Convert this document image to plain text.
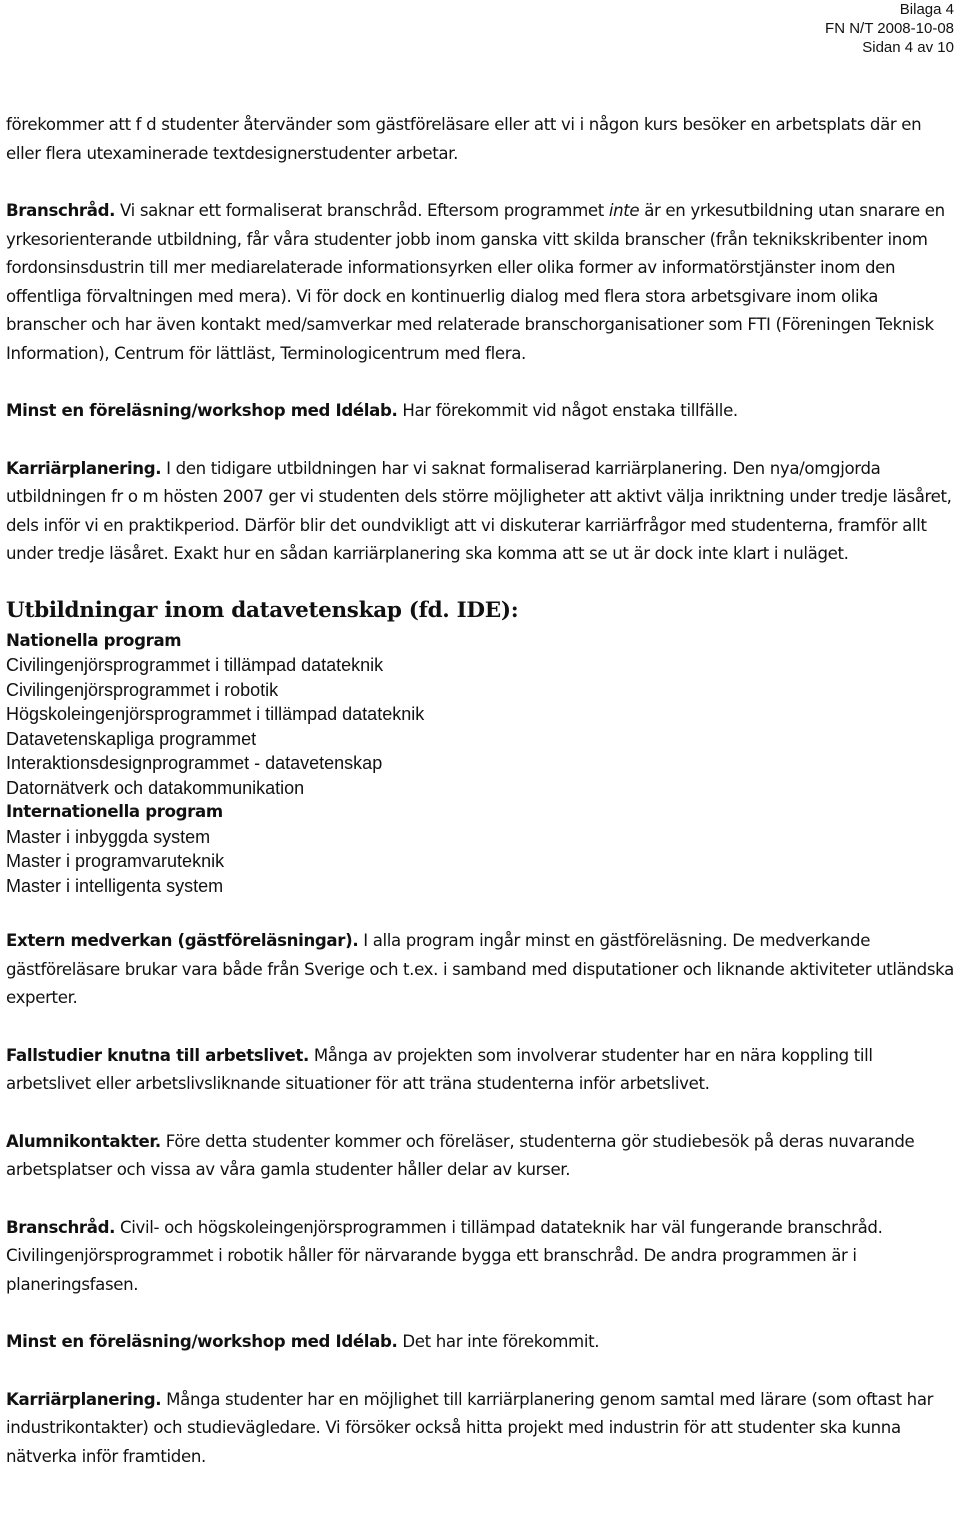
Bilaga 4
FN N/T 2008-10-08
Sidan 4 av 10

förekommer att f d studenter återvänder som gästföreläsare eller att vi i någon kurs besöker en arbetsplats där en eller flera utexaminerade textdesignerstudenter arbetar.

Branschråd. Vi saknar ett formaliserat branschråd. Eftersom programmet inte är en yrkesutbildning utan snarare en yrkesorienterande utbildning, får våra studenter jobb inom ganska vitt skilda branscher (från teknikskribenter inom fordonsinsdustrin till mer mediarelaterade informationsyrken eller olika former av informatörstjänster inom den offentliga förvaltningen med mera). Vi för dock en kontinuerlig dialog med flera stora arbetsgivare inom olika branscher och har även kontakt med/samverkar med relaterade branschorganisationer som FTI (Föreningen Teknisk Information), Centrum för lättläst, Terminologicentrum med flera.

Minst en föreläsning/workshop med Idélab. Har förekommit vid något enstaka tillfälle.

Karriärplanering. I den tidigare utbildningen har vi saknat formaliserad karriärplanering. Den nya/omgjorda utbildningen fr o m hösten 2007 ger vi studenten dels större möjligheter att aktivt välja inriktning under tredje läsåret, dels inför vi en praktikperiod. Därför blir det oundvikligt att vi diskuterar karriärfrågor med studenterna, framför allt under tredje läsåret. Exakt hur en sådan karriärplanering ska komma att se ut är dock inte klart i nuläget.

Utbildningar inom datavetenskap (fd. IDE):
Nationella program
Civilingenjörsprogrammet i tillämpad datateknik
Civilingenjörsprogrammet i robotik
Högskoleingenjörsprogrammet i tillämpad datateknik
Datavetenskapliga programmet
Interaktionsdesignprogrammet - datavetenskap
Datornätverk och datakommunikation
Internationella program
Master i inbyggda system
Master i programvaruteknik
Master i intelligenta system

Extern medverkan (gästföreläsningar). I alla program ingår minst en gästföreläsning. De medverkande gästföreläsare brukar vara både från Sverige och t.ex. i samband med disputationer och liknande aktiviteter utländska experter.

Fallstudier knutna till arbetslivet. Många av projekten som involverar studenter har en nära koppling till arbetslivet eller arbetslivsliknande situationer för att träna studenterna inför arbetslivet.

Alumnikontakter. Före detta studenter kommer och föreläser, studenterna gör studiebesök på deras nuvarande arbetsplatser och vissa av våra gamla studenter håller delar av kurser.

Branschråd. Civil- och högskoleingenjörsprogrammen i tillämpad datateknik har väl fungerande branschråd. Civilingenjörsprogrammet i robotik håller för närvarande bygga ett branschråd. De andra programmen är i planeringsfasen.

Minst en föreläsning/workshop med Idélab. Det har inte förekommit.

Karriärplanering. Många studenter har en möjlighet till karriärplanering genom samtal med lärare (som oftast har industrikontakter) och studievägledare. Vi försöker också hitta projekt med industrin för att studenter ska kunna nätverka inför framtiden.
